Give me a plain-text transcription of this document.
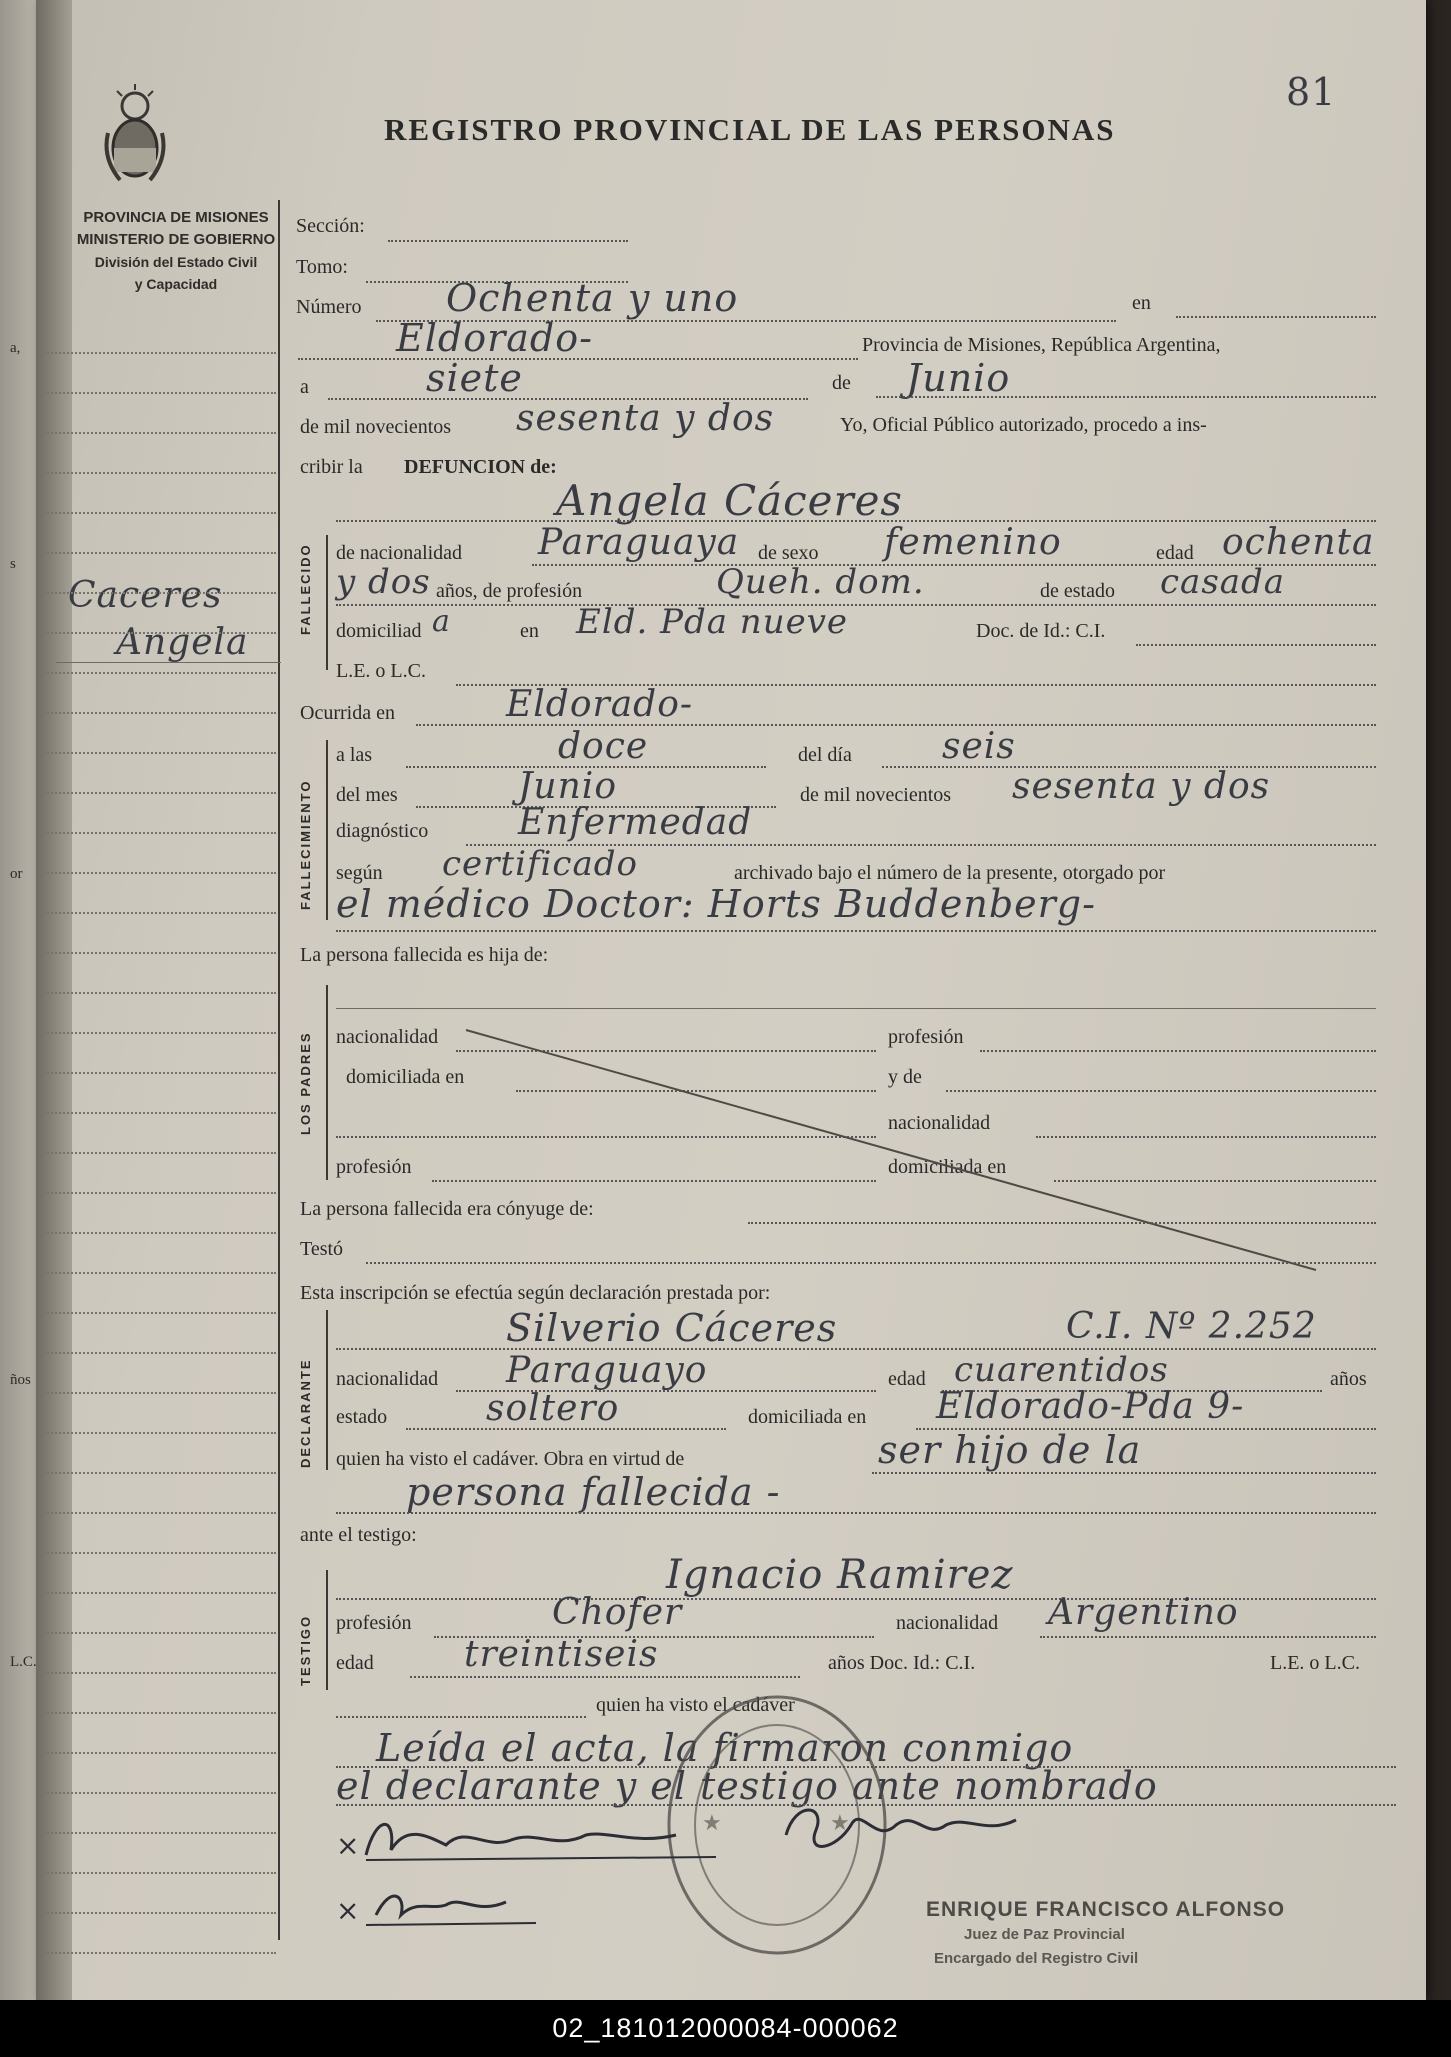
81
PROVINCIA DE MISIONES
MINISTERIO DE GOBIERNO
División del Estado Civil
y Capacidad
REGISTRO PROVINCIAL DE LAS PERSONAS
Caceres
Angela
Sección:
Tomo:
Número Ochenta y uno	en
Eldorado-	Provincia de Misiones, República Argentina,
a	siete	de Junio
de mil novecientos sesenta y dos	Yo, Oficial Público autorizado, procedo a ins-
cribir la DEFUNCION de:
FALLECIDO
Angela Cáceres
de nacionalidad Paraguaya de sexo femenino	edad ochenta
y dos años, de profesión	Queh. dom.	de estado casada
domiciliad a	en Eld. Pda nueve	Doc. de Id.: C.I.
L.E. o L.C.
Ocurrida en	Eldorado-
FALLECIMIENTO
a las	doce	del día	seis
del mes	Junio	de mil novecientos sesenta y dos
diagnóstico Enfermedad
según certificado	archivado bajo el número de la presente, otorgado por
el médico Doctor: Horts Buddenberg-
La persona fallecida es hija de:
LOS PADRES nacionalidad	profesión
domiciliada en	y de
nacionalidad
profesión	domiciliada en
La persona fallecida era cónyuge de:
Testó
Esta inscripción se efectúa según declaración prestada por:
DECLARANTE
Silverio Cáceres	C.I. Nº 2.252
nacionalidad Paraguayo	edad cuarentidos	años
estado	soltero	domiciliada en Eldorado-Pda 9-
quien ha visto el cadáver. Obra en virtud de	ser hijo de la
persona fallecida -
ante el testigo:
TESTIGO
Ignacio Ramirez
profesión	Chofer	nacionalidad Argentino
edad	treintiseis	años Doc. Id.: C.I.	L.E. o L.C.
quien ha visto el cadáver
Leída el acta, la firmaron conmigo
el declarante y el testigo ante nombrado
★	★
×
×	ENRIQUE FRANCISCO ALFONSO
Juez de Paz Provincial
Encargado del Registro Civil
a,
s
or
ños
L.C.
02_181012000084-000062
